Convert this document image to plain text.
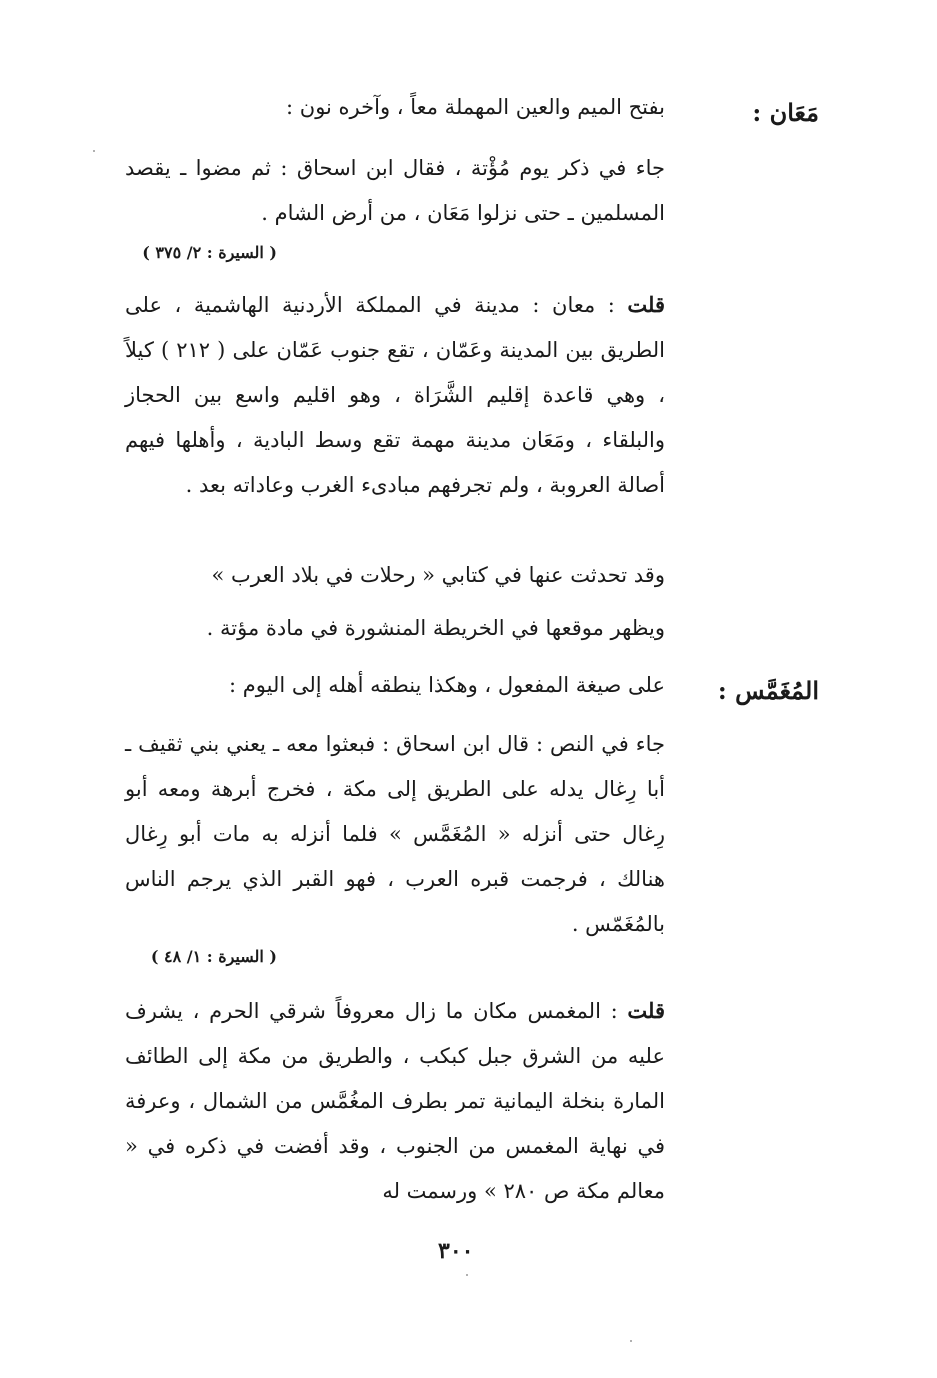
مَعَان :
بفتح الميم والعين المهملة معاً ، وآخره نون :
جاء في ذكر يوم مُؤْتة ، فقال ابن اسحاق : ثم مضوا ـ يقصد المسلمين ـ حتى نزلوا مَعَان ، من أرض الشام .
( السيرة : ٢/ ٣٧٥ )
قلت : معان : مدينة في المملكة الأردنية الهاشمية ، على الطريق بين المدينة وعَمّان ، تقع جنوب عَمّان على ( ٢١٢ ) كيلاً ، وهي قاعدة إقليم الشَّرَاة ، وهو اقليم واسع بين الحجاز والبلقاء ، ومَعَان مدينة مهمة تقع وسط البادية ، وأهلها فيهم أصالة العروبة ، ولم تجرفهم مبادىء الغرب وعاداته بعد .
وقد تحدثت عنها في كتابي « رحلات في بلاد العرب »
ويظهر موقعها في الخريطة المنشورة في مادة مؤتة .
المُغَمَّس :
على صيغة المفعول ، وهكذا ينطقه أهله إلى اليوم :
جاء في النص : قال ابن اسحاق : فبعثوا معه ـ يعني بني ثقيف ـ أبا رِغال يدله على الطريق إلى مكة ، فخرج أبرهة ومعه أبو رِغال حتى أنزله « المُغَمَّس » فلما أنزله به مات أبو رِغال هنالك ، فرجمت قبره العرب ، فهو القبر الذي يرجم الناس بالمُغَمّس .
( السيرة : ١/ ٤٨ )
قلت : المغمس مكان ما زال معروفاً شرقي الحرم ، يشرف عليه من الشرق جبل كبكب ، والطريق من مكة إلى الطائف المارة بنخلة اليمانية تمر بطرف المغُمَّس من الشمال ، وعرفة في نهاية المغمس من الجنوب ، وقد أفضت في ذكره في « معالم مكة ص ٢٨٠ » ورسمت له
٣٠٠
